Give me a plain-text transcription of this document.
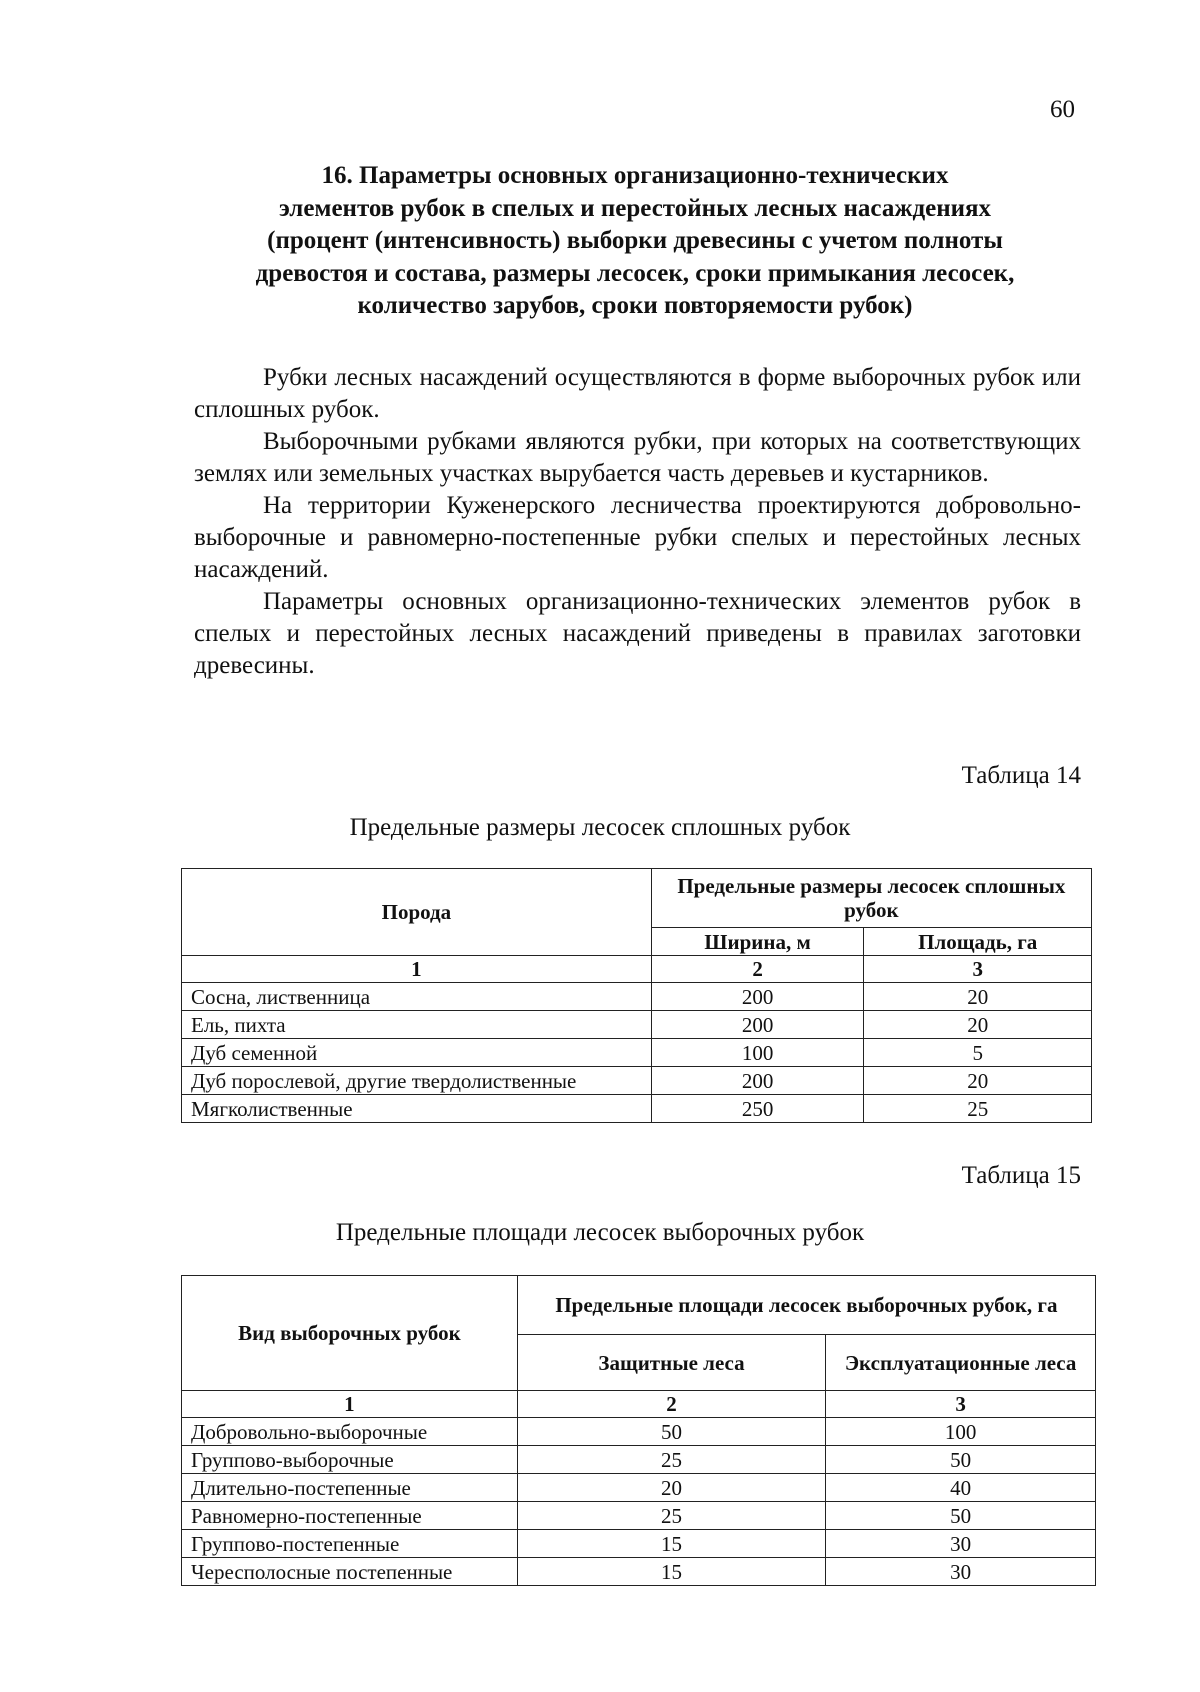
60
16. Параметры основных организационно-технических
элементов рубок в спелых и перестойных лесных насаждениях
(процент (интенсивность) выборки древесины с учетом полноты
древостоя и состава, размеры лесосек, сроки примыкания лесосек,
количество зарубов, сроки повторяемости рубок)

Рубки лесных насаждений осуществляются в форме выборочных рубок или сплошных рубок.

Выборочными рубками являются рубки, при которых на соответствующих землях или земельных участках вырубается часть деревьев и кустарников.

На территории Куженерского лесничества проектируются добровольно-выборочные и равномерно-постепенные рубки спелых и перестойных лесных насаждений.

Параметры основных организационно-технических элементов рубок в спелых и перестойных лесных насаждений приведены в правилах заготовки древесины.

Таблица 14
Предельные размеры лесосек сплошных рубок
Порода	Предельные размеры лесосек сплошных рубок	
	Ширина, м	Площадь, га
1	2	3
Сосна, лиственница	200	20
Ель, пихта	200	20
Дуб семенной	100	5
Дуб порослевой, другие твердолиственные	200	20
Мягколиственные	250	25
Таблица 15
Предельные площади лесосек выборочных рубок
Вид выборочных рубок	Предельные площади лесосек выборочных рубок, га	
	Защитные леса	Эксплуатационные леса
1	2	3
Добровольно-выборочные	50	100
Группово-выборочные	25	50
Длительно-постепенные	20	40
Равномерно-постепенные	25	50
Группово-постепенные	15	30
Чересполосные постепенные	15	30
